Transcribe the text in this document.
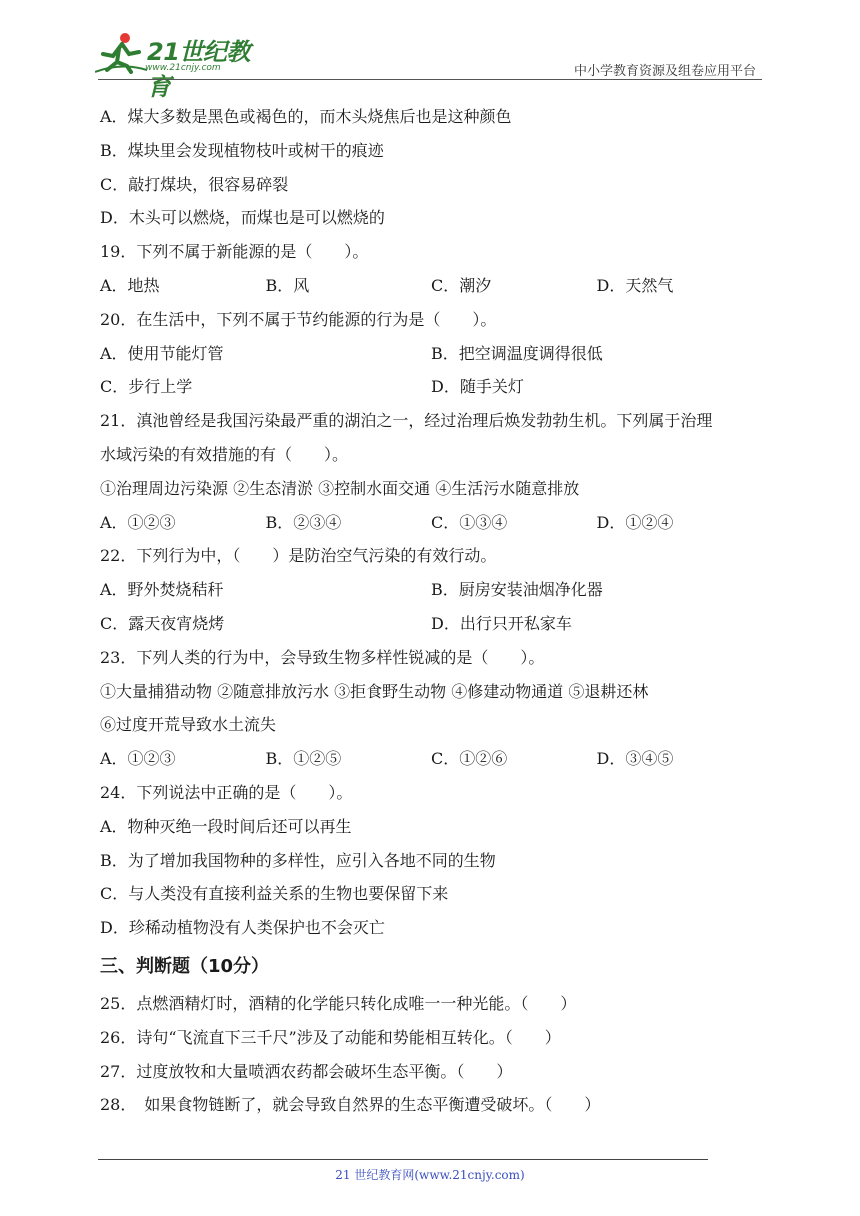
21世纪教育
www.21cnjy.com	中小学教育资源及组卷应用平台
A．煤大多数是黑色或褐色的，而木头烧焦后也是这种颜色
B．煤块里会发现植物枝叶或树干的痕迹
C．敲打煤块，很容易碎裂
D．木头可以燃烧，而煤也是可以燃烧的
19．下列不属于新能源的是（　　）。
A．地热	B．风	C．潮汐	D．天然气
20．在生活中，下列不属于节约能源的行为是（　　）。
A．使用节能灯管	B．把空调温度调得很低
C．步行上学	D．随手关灯
21．滇池曾经是我国污染最严重的湖泊之一，经过治理后焕发勃勃生机。下列属于治理
水域污染的有效措施的有（　　）。
①治理周边污染源 ②生态清淤 ③控制水面交通 ④生活污水随意排放
A．①②③	B．②③④	C．①③④	D．①②④
22．下列行为中，（　　）是防治空气污染的有效行动。
A．野外焚烧秸秆	B．厨房安装油烟净化器
C．露天夜宵烧烤	D．出行只开私家车
23．下列人类的行为中，会导致生物多样性锐减的是（　　）。
①大量捕猎动物 ②随意排放污水 ③拒食野生动物 ④修建动物通道 ⑤退耕还林
⑥过度开荒导致水土流失
A．①②③	B．①②⑤	C．①②⑥	D．③④⑤
24．下列说法中正确的是（　　）。
A．物种灭绝一段时间后还可以再生
B．为了增加我国物种的多样性，应引入各地不同的生物
C．与人类没有直接利益关系的生物也要保留下来
D．珍稀动植物没有人类保护也不会灭亡
三、判断题（10分）
25．点燃酒精灯时，酒精的化学能只转化成唯一一种光能。（　　）
26．诗句“飞流直下三千尺”涉及了动能和势能相互转化。（　　）
27．过度放牧和大量喷洒农药都会破坏生态平衡。（　　）
28．　如果食物链断了，就会导致自然界的生态平衡遭受破坏。（　　）
21 世纪教育网(www.21cnjy.com)
